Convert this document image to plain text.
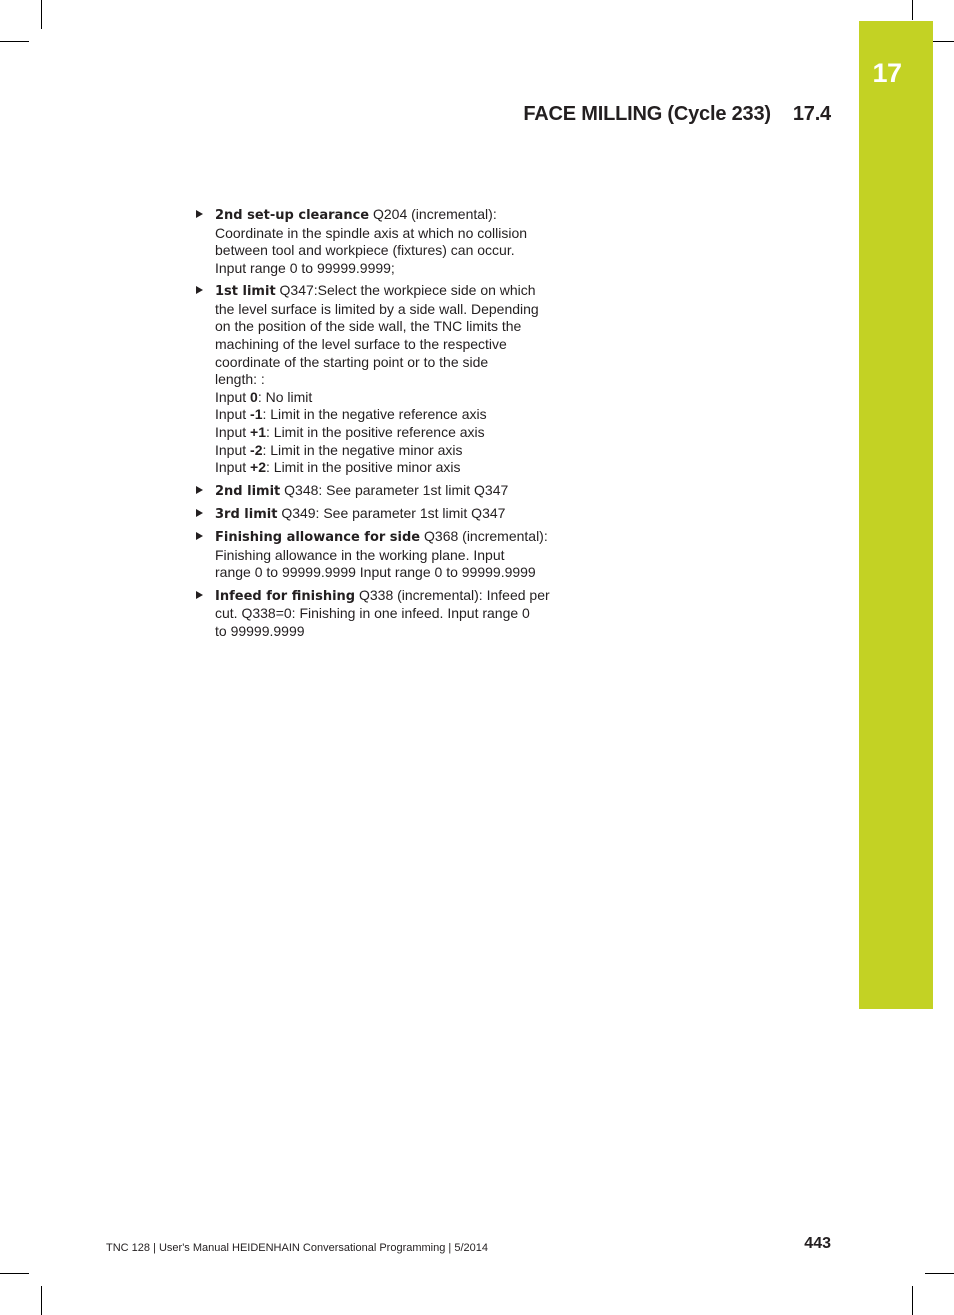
17
FACE MILLING (Cycle 233) 17.4
2nd set-up clearance Q204 (incremental):
Coordinate in the spindle axis at which no collision
between tool and workpiece (fixtures) can occur.
Input range 0 to 99999.9999;
1st limit Q347:Select the workpiece side on which
the level surface is limited by a side wall. Depending
on the position of the side wall, the TNC limits the
machining of the level surface to the respective
coordinate of the starting point or to the side
length: :
Input 0: No limit
Input -1: Limit in the negative reference axis
Input +1: Limit in the positive reference axis
Input -2: Limit in the negative minor axis
Input +2: Limit in the positive minor axis
2nd limit Q348: See parameter 1st limit Q347
3rd limit Q349: See parameter 1st limit Q347
Finishing allowance for side Q368 (incremental):
Finishing allowance in the working plane. Input
range 0 to 99999.9999 Input range 0 to 99999.9999
Infeed for finishing Q338 (incremental): Infeed per
cut. Q338=0: Finishing in one infeed. Input range 0
to 99999.9999
TNC 128 | User's Manual HEIDENHAIN Conversational Programming | 5/2014	443
